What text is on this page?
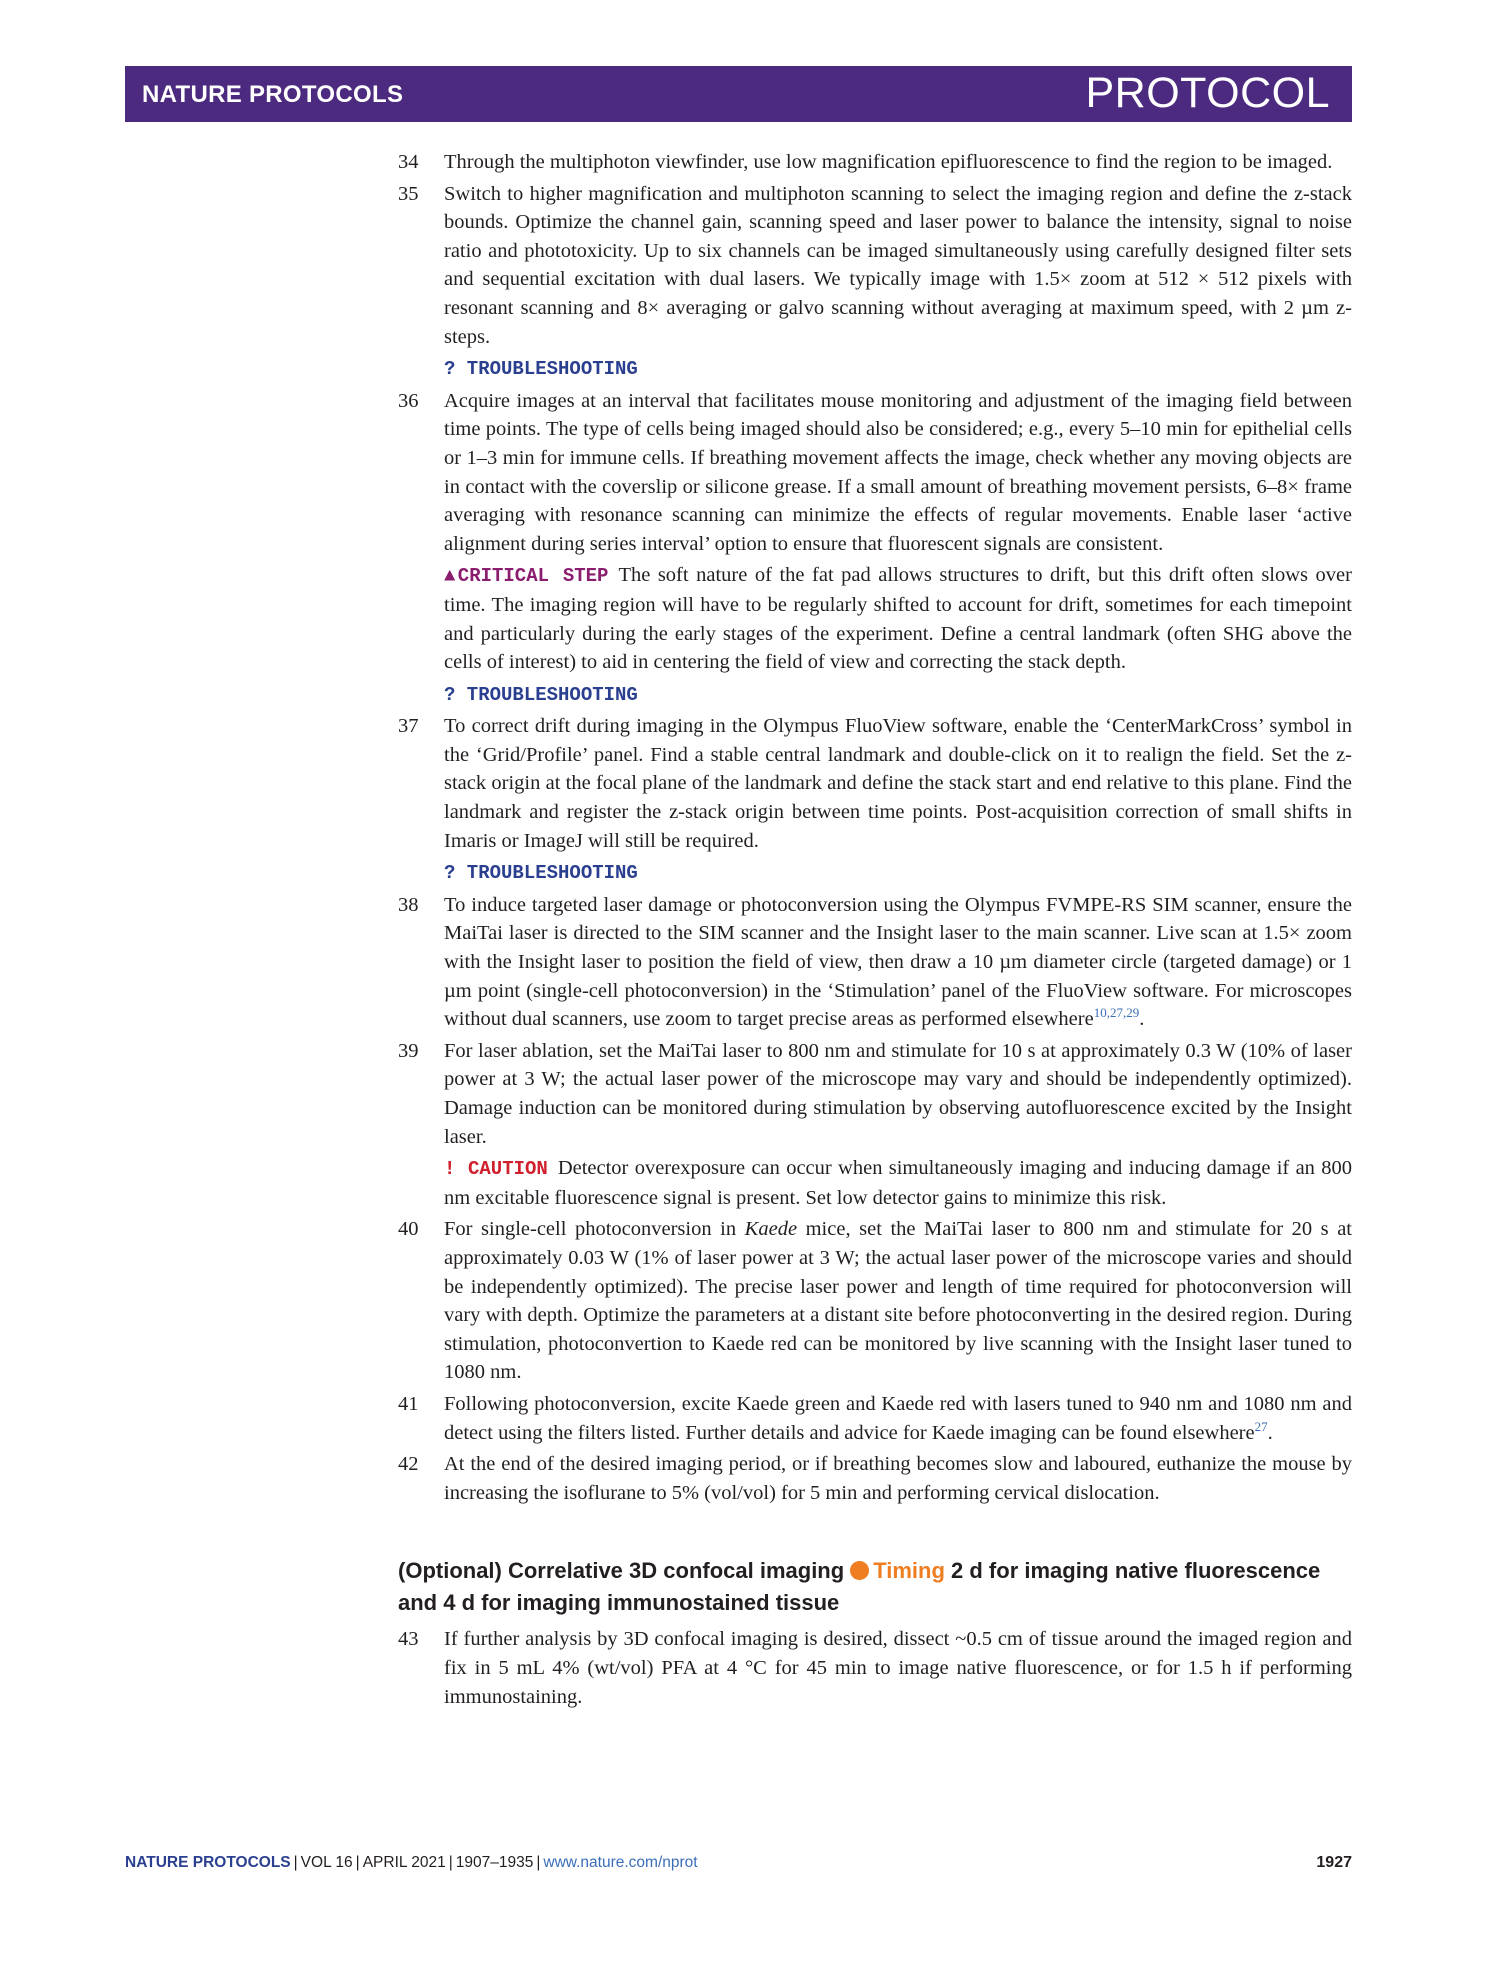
NATURE PROTOCOLS	PROTOCOL
34 Through the multiphoton viewfinder, use low magnification epifluorescence to find the region to be imaged.

35 Switch to higher magnification and multiphoton scanning to select the imaging region and define the z-stack bounds. Optimize the channel gain, scanning speed and laser power to balance the intensity, signal to noise ratio and phototoxicity. Up to six channels can be imaged simultaneously using carefully designed filter sets and sequential excitation with dual lasers. We typically image with 1.5× zoom at 512 × 512 pixels with resonant scanning and 8× averaging or galvo scanning without averaging at maximum speed, with 2 µm z-steps.

? TROUBLESHOOTING

36 Acquire images at an interval that facilitates mouse monitoring and adjustment of the imaging field between time points. The type of cells being imaged should also be considered; e.g., every 5–10 min for epithelial cells or 1–3 min for immune cells. If breathing movement affects the image, check whether any moving objects are in contact with the coverslip or silicone grease. If a small amount of breathing movement persists, 6–8× frame averaging with resonance scanning can minimize the effects of regular movements. Enable laser ‘active alignment during series interval’ option to ensure that fluorescent signals are consistent.

▲CRITICAL STEP The soft nature of the fat pad allows structures to drift, but this drift often slows over time. The imaging region will have to be regularly shifted to account for drift, sometimes for each timepoint and particularly during the early stages of the experiment. Define a central landmark (often SHG above the cells of interest) to aid in centering the field of view and correcting the stack depth.

? TROUBLESHOOTING

37 To correct drift during imaging in the Olympus FluoView software, enable the ‘CenterMarkCross’ symbol in the ‘Grid/Profile’ panel. Find a stable central landmark and double-click on it to realign the field. Set the z-stack origin at the focal plane of the landmark and define the stack start and end relative to this plane. Find the landmark and register the z-stack origin between time points. Post-acquisition correction of small shifts in Imaris or ImageJ will still be required.

? TROUBLESHOOTING

38 To induce targeted laser damage or photoconversion using the Olympus FVMPE-RS SIM scanner, ensure the MaiTai laser is directed to the SIM scanner and the Insight laser to the main scanner. Live scan at 1.5× zoom with the Insight laser to position the field of view, then draw a 10 µm diameter circle (targeted damage) or 1 µm point (single-cell photoconversion) in the ‘Stimulation’ panel of the FluoView software. For microscopes without dual scanners, use zoom to target precise areas as performed elsewhere$^{10,27,29}$.

39 For laser ablation, set the MaiTai laser to 800 nm and stimulate for 10 s at approximately 0.3 W (10% of laser power at 3 W; the actual laser power of the microscope may vary and should be independently optimized). Damage induction can be monitored during stimulation by observing autofluorescence excited by the Insight laser.

! CAUTION Detector overexposure can occur when simultaneously imaging and inducing damage if an 800 nm excitable fluorescence signal is present. Set low detector gains to minimize this risk.

40 For single-cell photoconversion in Kaede mice, set the MaiTai laser to 800 nm and stimulate for 20 s at approximately 0.03 W (1% of laser power at 3 W; the actual laser power of the microscope varies and should be independently optimized). The precise laser power and length of time required for photoconversion will vary with depth. Optimize the parameters at a distant site before photoconverting in the desired region. During stimulation, photoconvertion to Kaede red can be monitored by live scanning with the Insight laser tuned to 1080 nm.

41 Following photoconversion, excite Kaede green and Kaede red with lasers tuned to 940 nm and 1080 nm and detect using the filters listed. Further details and advice for Kaede imaging can be found elsewhere$^{27}$.

42 At the end of the desired imaging period, or if breathing becomes slow and laboured, euthanize the mouse by increasing the isoflurane to 5% (vol/vol) for 5 min and performing cervical dislocation.

(Optional) Correlative 3D confocal imaging Timing 2 d for imaging native fluorescence and 4 d for imaging immunostained tissue
43 If further analysis by 3D confocal imaging is desired, dissect ~0.5 cm of tissue around the imaged region and fix in 5 mL 4% (wt/vol) PFA at 4 °C for 45 min to image native fluorescence, or for 1.5 h if performing immunostaining.

NATURE PROTOCOLS | VOL 16 | APRIL 2021 | 1907–1935 | www.nature.com/nprot	1927
